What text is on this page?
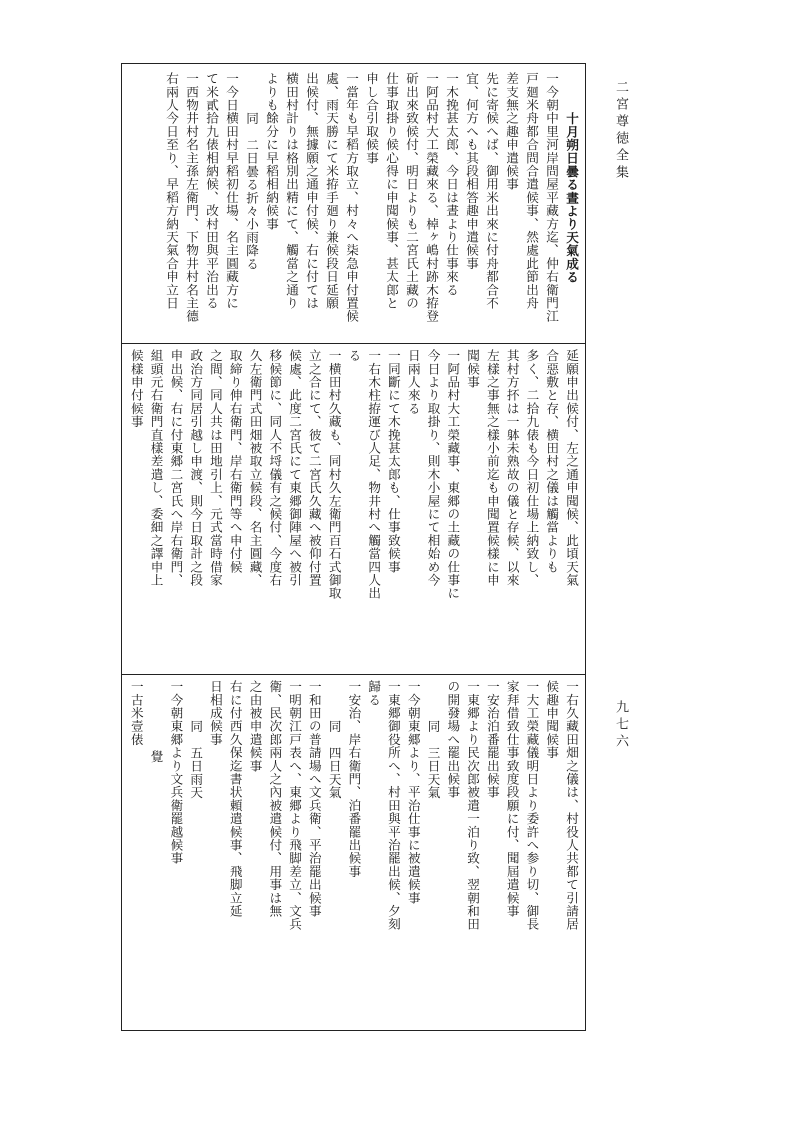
二宮尊徳全集
九七六
十月朔日曇る晝より天氣成る
一今朝中里河岸問屋平藏方迄、仲右衛門江
戸廻米舟都合問合遣候事、然處此節出舟
差支無之趣申遣候事
先に寄候へば、御用米出來に付舟都合不
宜、何方へも其段相答趣申遣候事
一木挽甚太郎、今日は晝より仕事來る
一阿品村大工榮藏來る、棹ヶ嶋村跡木拵登
斫出來致候付、明日よりも二宮氏土藏の
仕事取掛り候心得に申聞候事、甚太郎と
申し合引取候事
一當年も早稻方取立、村々へ柒急申付置候
處、雨天勝にて米拵手廻り兼候段日延願
出候付、無據願之通申付候、右に付ては
横田村計りは格別出精にて、觸當之通り
よりも餘分に早稻相納候事
同　二日曇る折々小雨降る
一今日横田村早稻初仕場、名主圓藏方に
て米貳拾九俵相納候、改村田與平治出る
一西物井村名主孫左衛門、下物井村名主德
右兩人今日至り、早稻方納天氣合申立日
延願申出候付、左之通申聞候、此頃天氣
合惡敷と存、横田村之儀は觸當よりも
多く、二拾九俵も今日初仕場上納致し、
其村方抔は一躰未熟故の儀と存候、以來
左樣之事無之樣小前迄も申聞置候樣に申
聞候事
一阿品村大工榮藏事、東郷の土藏の仕事に
今日より取掛り、則木小屋にて相始め今
日兩人來る
一同斷にて木挽甚太郎も、仕事致候事
一右木柱拵運び人足、物井村へ觸當四人出
る
一横田村久藏も、同村久左衛門百石式御取
立之合にて、彼て二宮氏久藏へ被仰付置
候處、此度二宮氏にて東郷御陣屋へ被引
移候節に、同人不埒儀有之候付、今度右
久左衛門式田畑被取立候段、名主圓藏、
取締り伸右衛門、岸右衛門等へ申付候
之間、同人共は田地引上、元式當時借家
政治方同居引越し申渡、則今日取計之段
申出候、右に付東郷二宮氏へ岸右衛門、
組頭元右衛門直樣差遣し、委細之譯申上
候樣申付候事
一右久藏田畑之儀は、村役人共都て引請居
候趣申聞候事
一大工榮藏儀明日より委許へ参り切、御長
家拜借致仕事致度段願に付、聞屆遣候事
一安治泊番罷出候事
一東郷より民次郎被遣一泊り致、翌朝和田
の開發場へ罷出候事
同　三日天氣
一今朝東郷より、平治仕事に被遣候事
一東郷御役所へ、村田與平治罷出候、夕刻
歸る
一安治、岸右衛門、泊番罷出候事
同　四日天氣
一和田の普請場へ文兵衛、平治罷出候事
一明朝江戸表へ、東郷より飛脚差立、文兵
衛、民次郎兩人之內被遣候付、用事は無
之由被申遣候事
右に付西久保迄書状頼遣候事、飛脚立延
日相成候事
同　五日雨天
一今朝東郷より文兵衛罷越候事
覺
一古米壹俵
